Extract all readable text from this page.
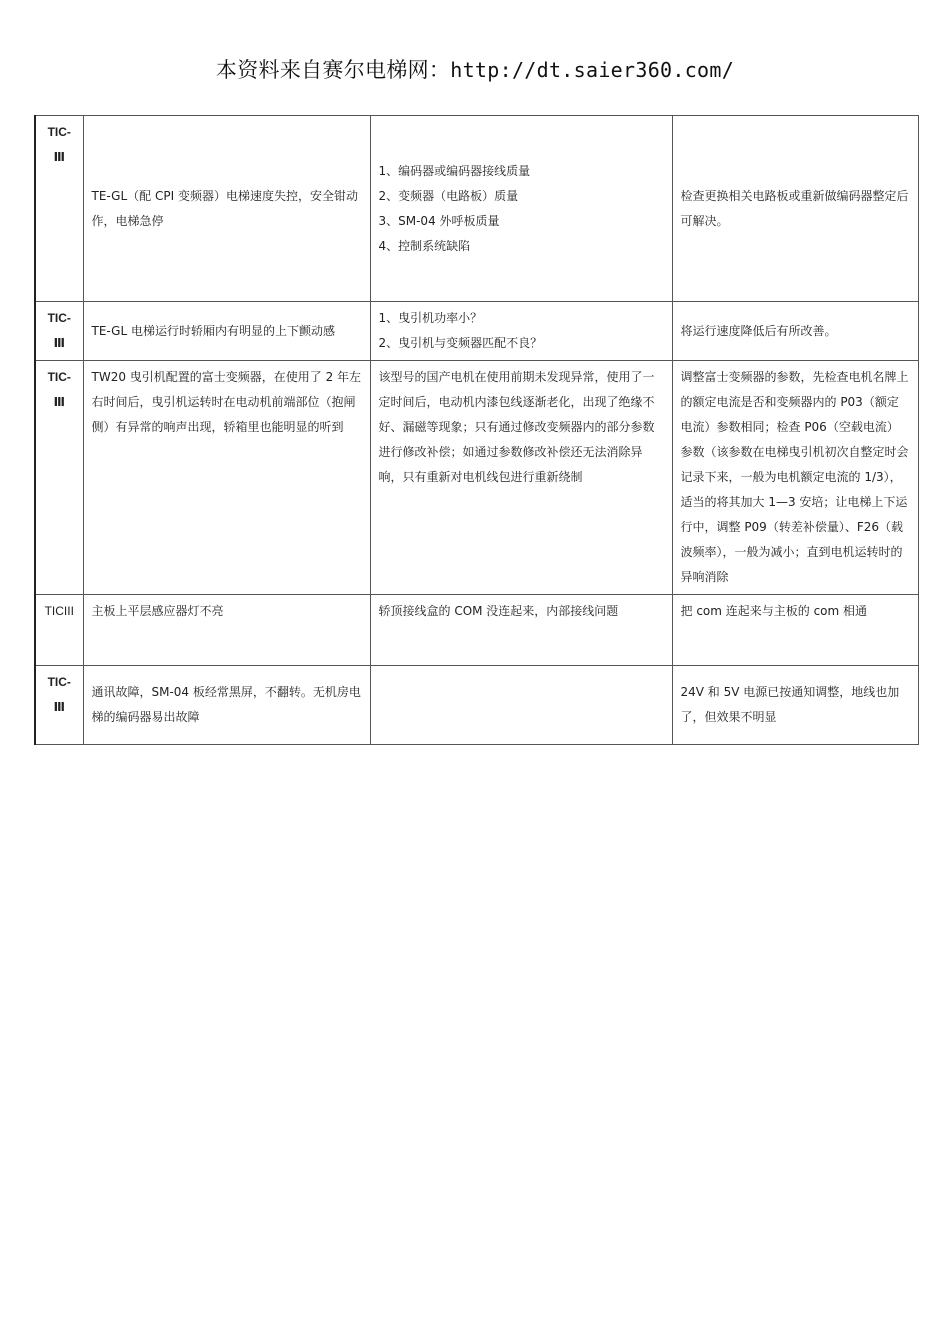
本资料来自赛尔电梯网：http://dt.saier360.com/
TIC-
Ⅲ	TE-GL（配 CPI 变频器）电梯速度失控，安全钳动作，电梯急停	1、编码器或编码器接线质量
2、变频器（电路板）质量
3、SM-04 外呼板质量
4、控制系统缺陷	检查更换相关电路板或重新做编码器整定后可解决。

TIC-
Ⅲ	TE-GL 电梯运行时轿厢内有明显的上下颤动感	1、曳引机功率小？
2、曳引机与变频器匹配不良？	将运行速度降低后有所改善。

TIC-
Ⅲ	TW20 曳引机配置的富士变频器，在使用了 2 年左右时间后，曳引机运转时在电动机前端部位（抱闸侧）有异常的响声出现，轿箱里也能明显的听到	该型号的国产电机在使用前期未发现异常，使用了一定时间后，电动机内漆包线逐渐老化，出现了绝缘不好、漏磁等现象；只有通过修改变频器内的部分参数进行修改补偿；如通过参数修改补偿还无法消除异响，只有重新对电机线包进行重新绕制	调整富士变频器的参数，先检查电机名牌上的额定电流是否和变频器内的 P03（额定电流）参数相同；检查 P06（空载电流）参数（该参数在电梯曳引机初次自整定时会记录下来，一般为电机额定电流的 1/3），适当的将其加大 1—3 安培；让电梯上下运行中，调整 P09（转差补偿量）、F26（载波频率），一般为减小；直到电机运转时的异响消除
TICIII	主板上平层感应器灯不亮	轿顶接线盒的 COM 没连起来，内部接线问题	把 com 连起来与主板的 com 相通

TIC-
Ⅲ	通讯故障，SM-04 板经常黑屏，不翻转。无机房电梯的编码器易出故障		24V 和 5V 电源已按通知调整，地线也加了，但效果不明显
